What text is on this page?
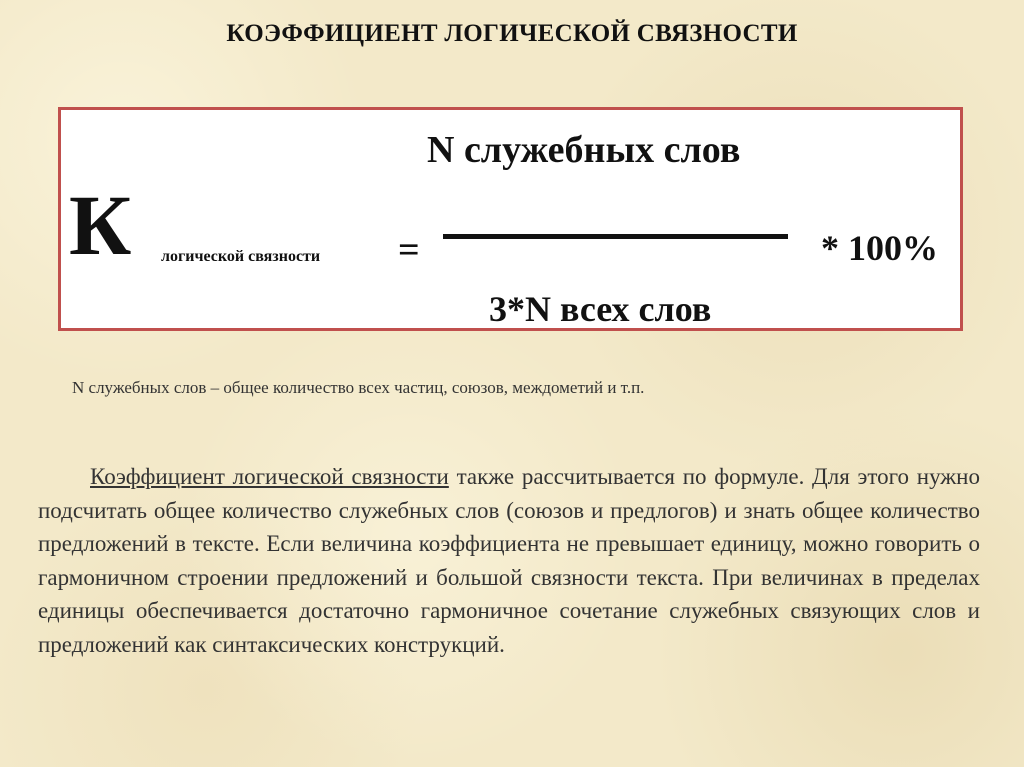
КОЭФФИЦИЕНТ ЛОГИЧЕСКОЙ СВЯЗНОСТИ
N служебных слов
К логической связности =	* 100%
3*N всех слов
N служебных слов – общее количество всех частиц, союзов, междометий и т.п.
Коэффициент логической связности также рассчитывается по формуле. Для этого нужно подсчитать общее количество служебных слов (союзов и предлогов) и знать общее количество предложений в тексте. Если величина коэффициента не превышает единицу, можно говорить о гармоничном строении предложений и большой связности текста. При величинах в пределах единицы обеспечивается достаточно гармоничное сочетание служебных связующих слов и предложений как синтаксических конструкций.
